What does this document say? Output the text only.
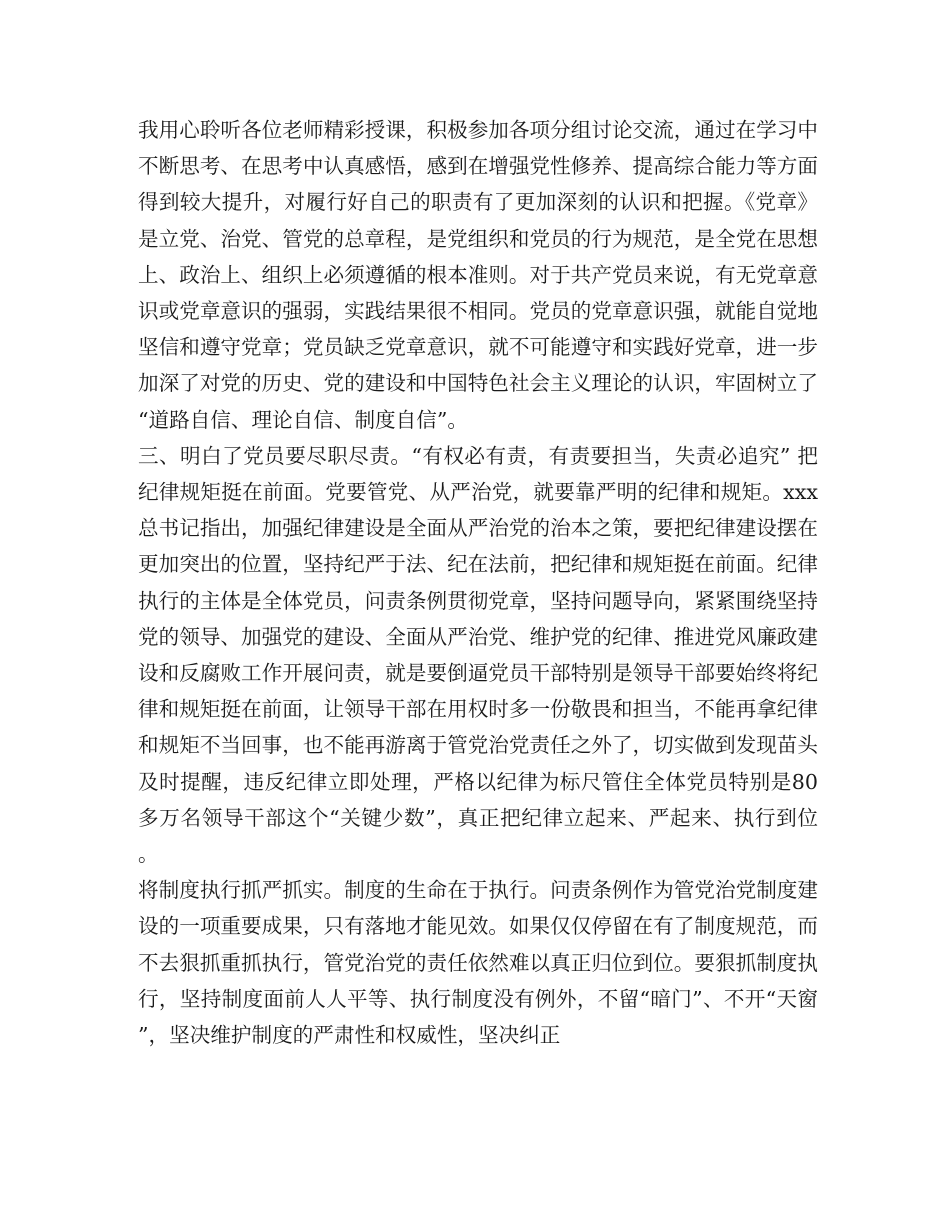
我用心聆听各位老师精彩授课，积极参加各项分组讨论交流，通过在学习中不断思考、在思考中认真感悟，感到在增强党性修养、提高综合能力等方面得到较大提升，对履行好自己的职责有了更加深刻的认识和把握。《党章》是立党、治党、管党的总章程，是党组织和党员的行为规范，是全党在思想上、政治上、组织上必须遵循的根本准则。对于共产党员来说，有无党章意识或党章意识的强弱，实践结果很不相同。党员的党章意识强，就能自觉地坚信和遵守党章；党员缺乏党章意识，就不可能遵守和实践好党章，进一步加深了对党的历史、党的建设和中国特色社会主义理论的认识，牢固树立了“道路自信、理论自信、制度自信”。

三、明白了党员要尽职尽责。“有权必有责，有责要担当，失责必追究” 把纪律规矩挺在前面。党要管党、从严治党，就要靠严明的纪律和规矩。xxx总书记指出，加强纪律建设是全面从严治党的治本之策，要把纪律建设摆在更加突出的位置，坚持纪严于法、纪在法前，把纪律和规矩挺在前面。纪律执行的主体是全体党员，问责条例贯彻党章，坚持问题导向，紧紧围绕坚持党的领导、加强党的建设、全面从严治党、维护党的纪律、推进党风廉政建设和反腐败工作开展问责，就是要倒逼党员干部特别是领导干部要始终将纪律和规矩挺在前面，让领导干部在用权时多一份敬畏和担当，不能再拿纪律和规矩不当回事，也不能再游离于管党治党责任之外了，切实做到发现苗头及时提醒，违反纪律立即处理，严格以纪律为标尺管住全体党员特别是80多万名领导干部这个“关键少数”，真正把纪律立起来、严起来、执行到位。

将制度执行抓严抓实。制度的生命在于执行。问责条例作为管党治党制度建设的一项重要成果，只有落地才能见效。如果仅仅停留在有了制度规范，而不去狠抓重抓执行，管党治党的责任依然难以真正归位到位。要狠抓制度执行，坚持制度面前人人平等、执行制度没有例外，不留“暗门”、不开“天窗”，坚决维护制度的严肃性和权威性，坚决纠正
